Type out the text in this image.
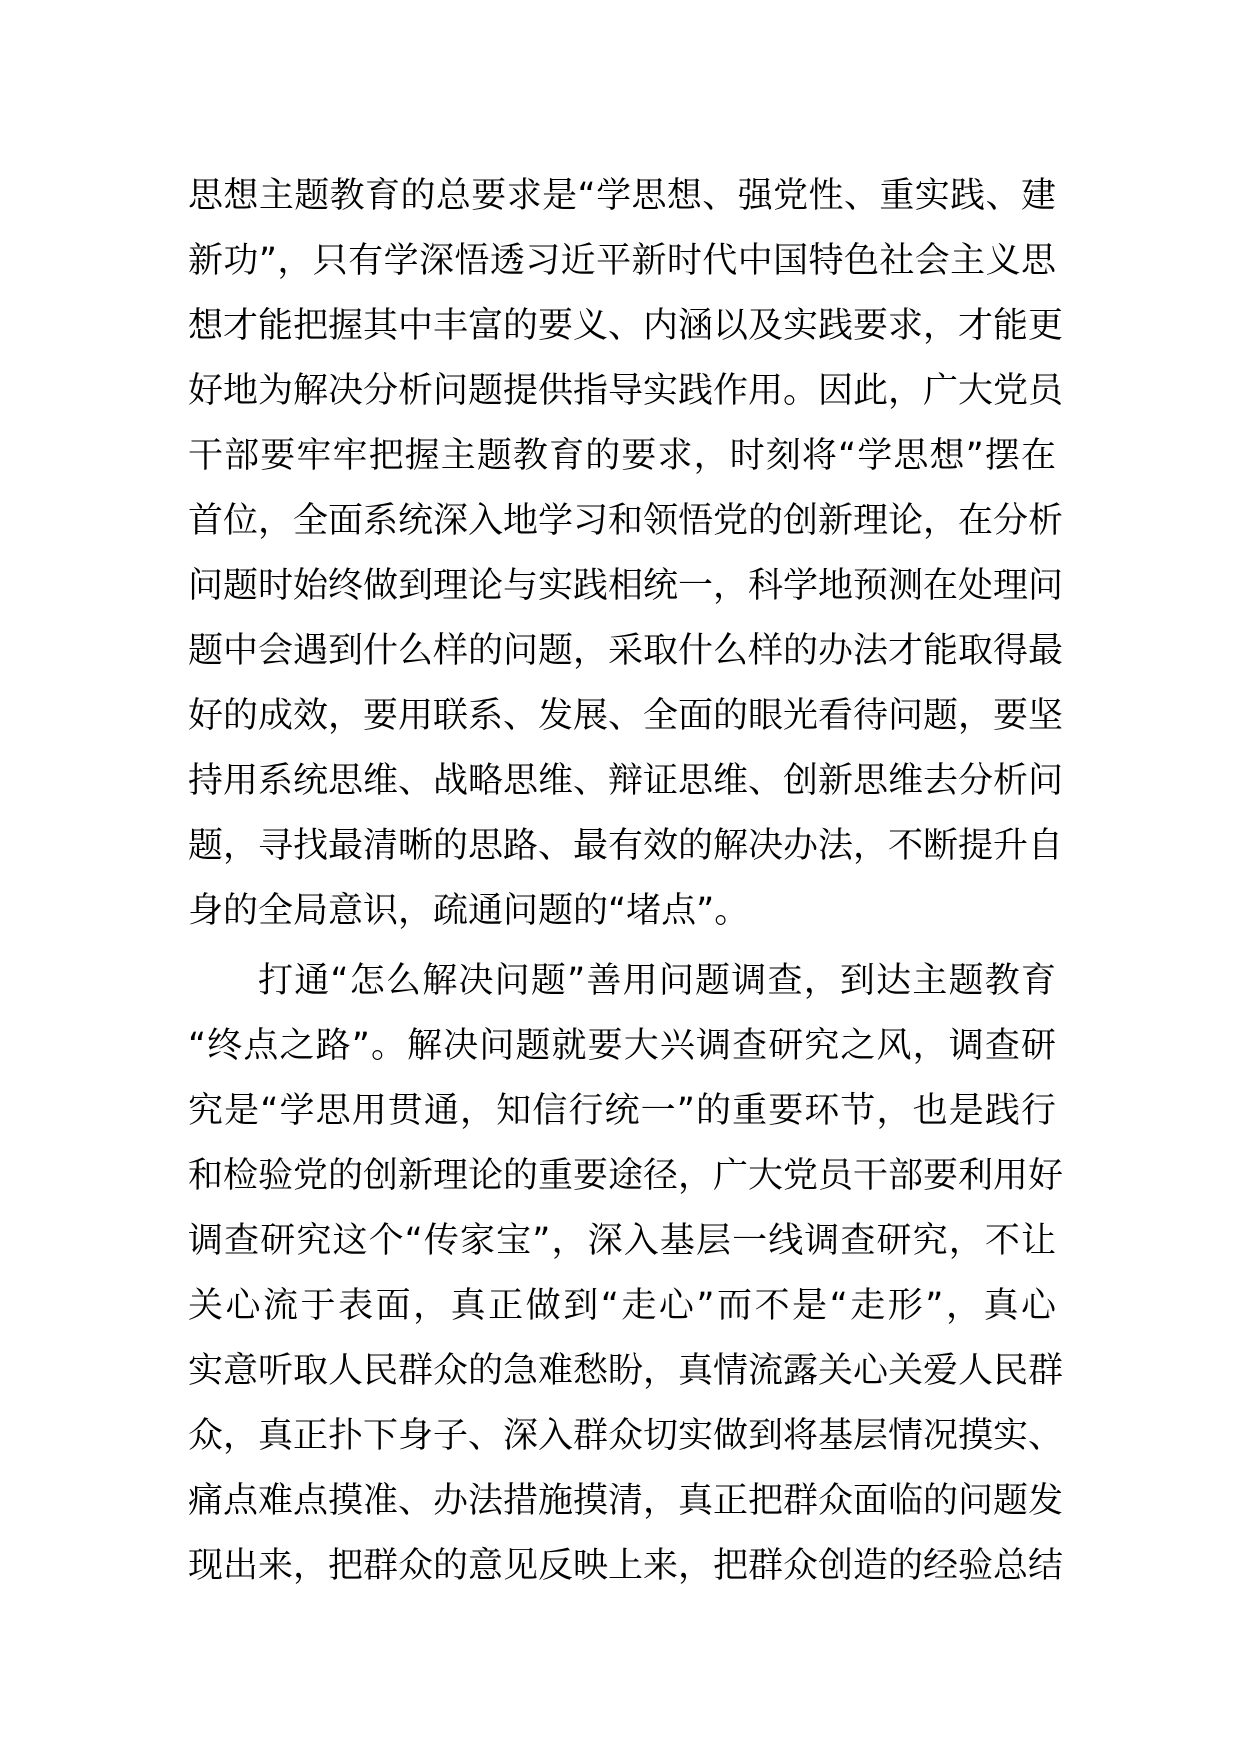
思想主题教育的总要求是“学思想、强党性、重实践、建
新功”，只有学深悟透习近平新时代中国特色社会主义思
想才能把握其中丰富的要义、内涵以及实践要求，才能更
好地为解决分析问题提供指导实践作用。因此，广大党员
干部要牢牢把握主题教育的要求，时刻将“学思想”摆在
首位，全面系统深入地学习和领悟党的创新理论，在分析
问题时始终做到理论与实践相统一，科学地预测在处理问
题中会遇到什么样的问题，采取什么样的办法才能取得最
好的成效，要用联系、发展、全面的眼光看待问题，要坚
持用系统思维、战略思维、辩证思维、创新思维去分析问
题，寻找最清晰的思路、最有效的解决办法，不断提升自
身的全局意识，疏通问题的“堵点”。
打通“怎么解决问题”善用问题调查，到达主题教育
“终点之路”。解决问题就要大兴调查研究之风，调查研
究是“学思用贯通，知信行统一”的重要环节，也是践行
和检验党的创新理论的重要途径，广大党员干部要利用好
调查研究这个“传家宝”，深入基层一线调查研究，不让
关心流于表面，真正做到“走心”而不是“走形”，真心
实意听取人民群众的急难愁盼，真情流露关心关爱人民群
众，真正扑下身子、深入群众切实做到将基层情况摸实、
痛点难点摸准、办法措施摸清，真正把群众面临的问题发
现出来，把群众的意见反映上来，把群众创造的经验总结
